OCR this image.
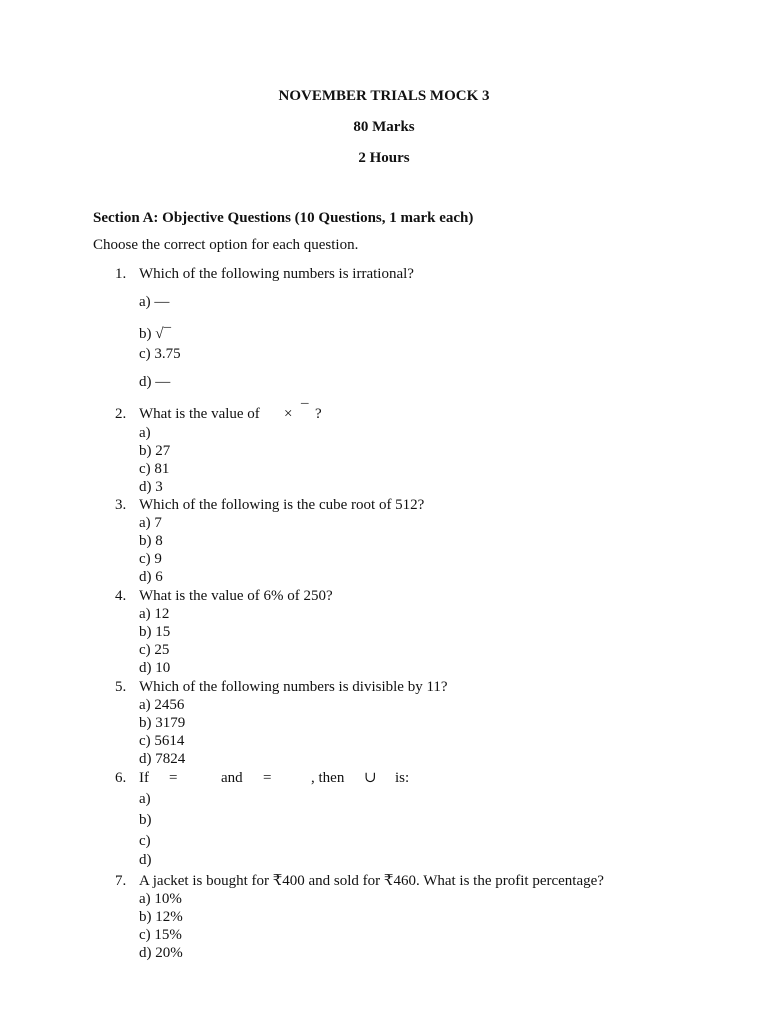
NOVEMBER TRIALS MOCK 3
80 Marks
2 Hours
Section A: Objective Questions (10 Questions, 1 mark each)
Choose the correct option for each question.
1. Which of the following numbers is irrational?
a) —
b) √¯
c) 3.75
d) —
2. What is the value of × ¯ ?
a)
b) 27
c) 81
d) 3
3. Which of the following is the cube root of 512?
a) 7
b) 8
c) 9
d) 6
4. What is the value of 6% of 250?
a) 12
b) 15
c) 25
d) 10
5. Which of the following numbers is divisible by 11?
a) 2456
b) 3179
c) 5614
d) 7824
6. If =	and =	, then ∪ is:
a)
b)
c)
d)
7. A jacket is bought for ₹400 and sold for ₹460. What is the profit percentage?
a) 10%
b) 12%
c) 15%
d) 20%
